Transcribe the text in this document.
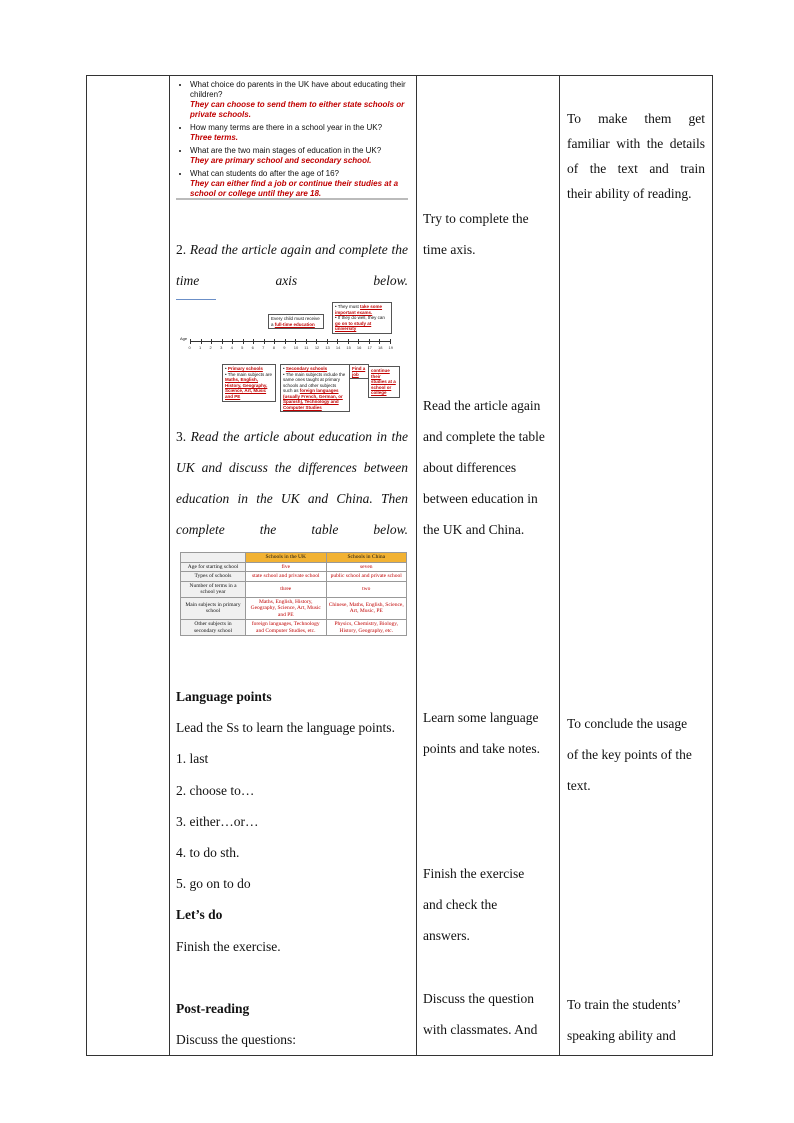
• What choice do parents in the UK have about educating their children?
They can choose to send them to either state schools or private schools.
• How many terms are there in a school year in the UK?
Three terms.
• What are the two main stages of education in the UK?
They are primary school and secondary school.
• What can students do after the age of 16?
They can either find a job or continue their studies at a school or college until they are 18.
2. Read the article again and complete the time axis below.
Every child must receive a full-time education
• They must take some important exams.
• If they do well, they can go on to study at university
Age
0 1 2 3 4 5 6 7 8 9 10 11 12 13 14 15 16 17 18 19
• Primary schools
• The main subjects are Maths, English, History, Geography, Science, Art, Music and PE
• Secondary schools
• The main subjects include the same ones taught at primary schools and other subjects such as foreign languages (usually French, German, or Spanish), Technology and Computer Studies
Find a job
continue their studies at a school or college
3. Read the article about education in the UK and discuss the differences between education in the UK and China. Then complete the table below.
	Schools in the UK	Schools in China
Age for starting school	five	seven
Types of schools	state school and private school	public school and private school
Number of terms in a school year	three	two
Main subjects in primary school	Maths, English, History, Geography, Science, Art, Music and PE	Chinese, Maths, English, Science, Art, Music, PE
Other subjects in secondary school	foreign languages, Technology and Computer Studies, etc.	Physics, Chemistry, Biology, History, Geography, etc.
Language points
Lead the Ss to learn the language points.
1. last
2. choose to…
3. either…or…
4. to do sth.
5. go on to do
Let’s do
Finish the exercise.
Post-reading
Discuss the questions:

Try to complete the
time axis.
Read the article again
and complete the table
about differences
between education in
the UK and China.
Learn some language
points and take notes.
Finish the exercise
and check the
answers.
Discuss the question
with classmates. And

To make them get
familiar with the details
of the text and train
their ability of reading.
To conclude the usage
of the key points of the
text.
To train the students’
speaking ability and
